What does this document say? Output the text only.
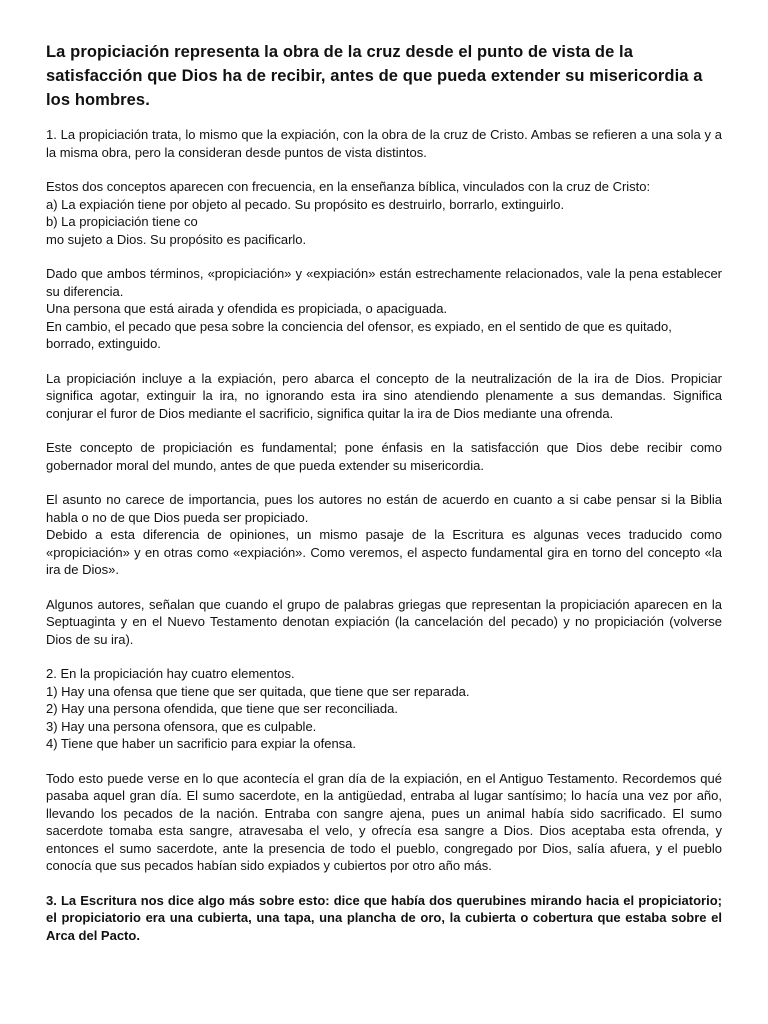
La propiciación representa la obra de la cruz desde el punto de vista de la satisfacción que Dios ha de recibir, antes de que pueda extender su misericordia a los hombres.
1. La propiciación trata, lo mismo que la expiación, con la obra de la cruz de Cristo. Ambas se refieren a una sola y a la misma obra, pero la consideran desde puntos de vista distintos.
Estos dos conceptos aparecen con frecuencia, en la enseñanza bíblica, vinculados con la cruz de Cristo:
a) La expiación tiene por objeto al pecado. Su propósito es destruirlo, borrarlo, extinguirlo.
b) La propiciación tiene co
mo sujeto a Dios. Su propósito es pacificarlo.
Dado que ambos términos, «propiciación» y «expiación» están estrechamente relacionados, vale la pena establecer su diferencia.
Una persona que está airada y ofendida es propiciada, o apaciguada.
En cambio, el pecado que pesa sobre la conciencia del ofensor, es expiado, en el sentido de que es quitado, borrado, extinguido.
La propiciación incluye a la expiación, pero abarca el concepto de la neutralización de la ira de Dios. Propiciar significa agotar, extinguir la ira, no ignorando esta ira sino atendiendo plenamente a sus demandas. Significa conjurar el furor de Dios mediante el sacrificio, significa quitar la ira de Dios mediante una ofrenda.
Este concepto de propiciación es fundamental; pone énfasis en la satisfacción que Dios debe recibir como gobernador moral del mundo, antes de que pueda extender su misericordia.
El asunto no carece de importancia, pues los autores no están de acuerdo en cuanto a si cabe pensar si la Biblia habla o no de que Dios pueda ser propiciado.
Debido a esta diferencia de opiniones, un mismo pasaje de la Escritura es algunas veces traducido como «propiciación» y en otras como «expiación». Como veremos, el aspecto fundamental gira en torno del concepto «la ira de Dios».
Algunos autores, señalan que cuando el grupo de palabras griegas que representan la propiciación aparecen en la Septuaginta y en el Nuevo Testamento denotan expiación (la cancelación del pecado) y no propiciación (volverse Dios de su ira).
2. En la propiciación hay cuatro elementos.
1) Hay una ofensa que tiene que ser quitada, que tiene que ser reparada.
2) Hay una persona ofendida, que tiene que ser reconciliada.
3) Hay una persona ofensora, que es culpable.
4) Tiene que haber un sacrificio para expiar la ofensa.
Todo esto puede verse en lo que acontecía el gran día de la expiación, en el Antiguo Testamento. Recordemos qué pasaba aquel gran día. El sumo sacerdote, en la antigüedad, entraba al lugar santísimo; lo hacía una vez por año, llevando los pecados de la nación. Entraba con sangre ajena, pues un animal había sido sacrificado. El sumo sacerdote tomaba esta sangre, atravesaba el velo, y ofrecía esa sangre a Dios. Dios aceptaba esta ofrenda, y entonces el sumo sacerdote, ante la presencia de todo el pueblo, congregado por Dios, salía afuera, y el pueblo conocía que sus pecados habían sido expiados y cubiertos por otro año más.
3. La Escritura nos dice algo más sobre esto: dice que había dos querubines mirando hacia el propiciatorio; el propiciatorio era una cubierta, una tapa, una plancha de oro, la cubierta o cobertura que estaba sobre el Arca del Pacto.
